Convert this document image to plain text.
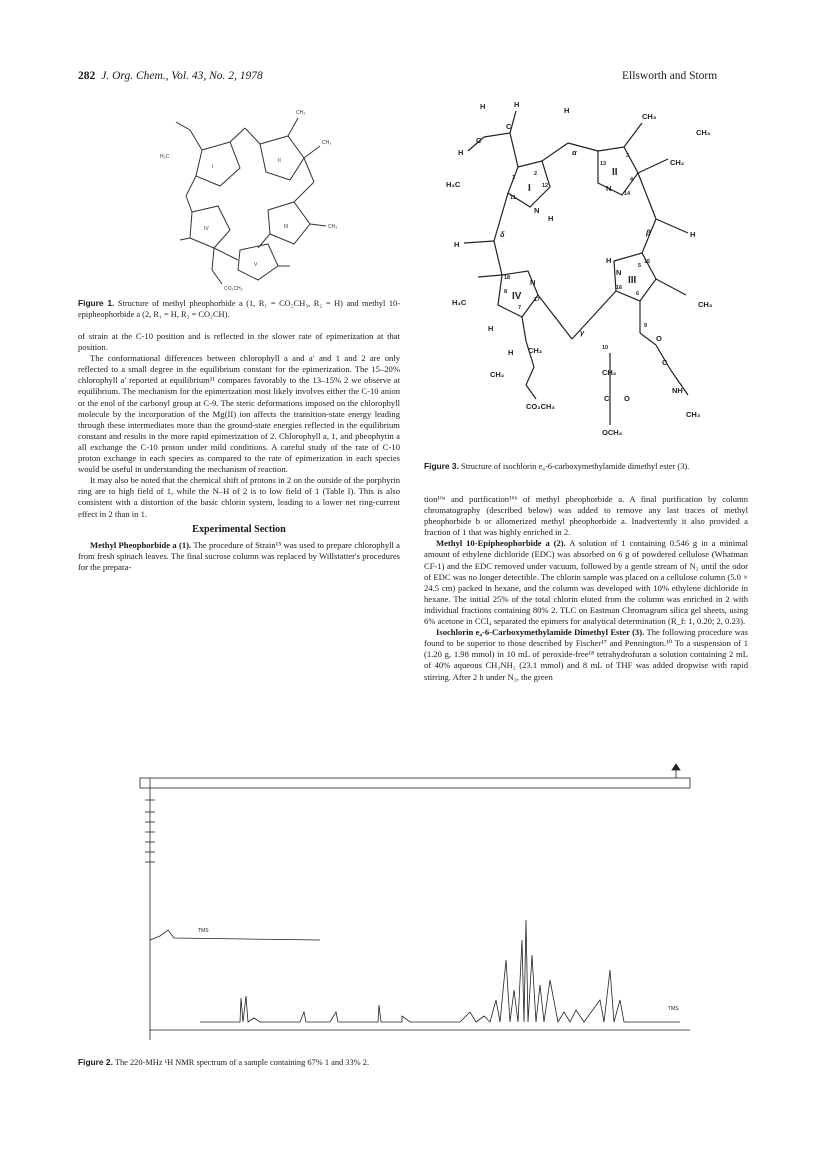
282 J. Org. Chem., Vol. 43, No. 2, 1978	Ellsworth and Storm
I
II
III
IV
V
H₃C
CH₃
CH₃
CH₃
CO₂CH₃
Figure 1. Structure of methyl pheophorbide a (1, R₁ = CO₂CH₃, R₂ = H) and methyl 10-epipheophorbide a (2, R₁ = H, R₂ = CO₂CH).
H	H
H
H
C
C
CH₃
CH₃
CH₂
H₃C
H
H
N
N
N
N
H
H
CH₃
H₃C
H
H CH₂
CH₂
CO₂CH₃
O
C
NH
CH₃
CH₂
C O
OCH₃
I
II
III
IV
α
β
γ
δ
1
2
3
4
5
6
7
8
9
10
11
12
13
14
15
16
17
18
Figure 3. Structure of isochlorin e₄-6-carboxymethylamide dimethyl ester (3).

of strain at the C-10 position and is reflected in the slower rate of epimerization at that position.

The conformational differences between chlorophyll a and a′ and 1 and 2 are only reflected to a small degree in the equilibrium constant for the epimerization. The 15–20% chlorophyll a′ reported at equilibrium¹¹ compares favorably to the 13–15% 2 we observe at equilibrium. The mechanism for the epimerization most likely involves either the C-10 anion or the enol of the carbonyl group at C-9. The steric deformations imposed on the chlorophyll molecule by the incorporation of the Mg(II) ion affects the transition-state energy leading through these intermediates more than the ground-state energies reflected in the equilibrium constant and results in the more rapid epimerization of 2. Chlorophyll a, 1, and pheophytin a all exchange the C-10 proton under mild conditions. A careful study of the rate of C-10 proton exchange in each species as compared to the rate of epimerization in each species would be useful in understanding the mechanism of reaction.

It may also be noted that the chemical shift of protons in 2 on the outside of the porphyrin ring are to high field of 1, while the N–H of 2 is to low field of 1 (Table I). This is also consistent with a distortion of the basic chlorin system, leading to a lower net ring-current effect in 2 than in 1.

Experimental Section

Methyl Pheophorbide a (1). The procedure of Strain¹⁵ was used to prepare chlorophyll a from fresh spinach leaves. The final sucrose column was replaced by Willstatter's procedures for the prepara-

tion¹⁶ᵃ and purification¹⁶ᵇ of methyl pheophorbide a. A final purification by column chromatography (described below) was added to remove any last traces of methyl pheophorbide b or allomerized methyl pheophorbide a. Inadvertently it also provided a fraction of 1 that was highly enriched in 2.

Methyl 10-Epipheophorbide a (2). A solution of 1 containing 0.546 g in a minimal amount of ethylene dichloride (EDC) was absorbed on 6 g of powdered cellulose (Whatman CF-1) and the EDC removed under vacuum, followed by a gentle stream of N₂ until the odor of EDC was no longer detectible. The chlorin sample was placed on a cellulose column (5.0 × 24.5 cm) packed in hexane, and the column was developed with 10% ethylene dichloride in hexane. The initial 25% of the total chlorin eluted from the column was enriched in 2 with individual fractions containing 80% 2. TLC on Eastman Chromagram silica gel sheets, using 6% acetone in CCl₄ separated the epimers for analytical determination (R_f: 1, 0.20; 2, 0.23).

Isochlorin e₄-6-Carboxymethylamide Dimethyl Ester (3). The following procedure was found to be superior to those described by Fischer¹⁷ and Pennington.¹⁰ To a suspension of 1 (1.20 g, 1.98 mmol) in 10 mL of peroxide-free¹⁸ tetrahydrofuran a solution containing 2 mL of 40% aqueous CH₃NH₂ (23.1 mmol) and 8 mL of THF was added dropwise with rapid stirring. After 2 h under N₂, the green

TMS
TMS
Figure 2. The 220-MHz ¹H NMR spectrum of a sample containing 67% 1 and 33% 2.
